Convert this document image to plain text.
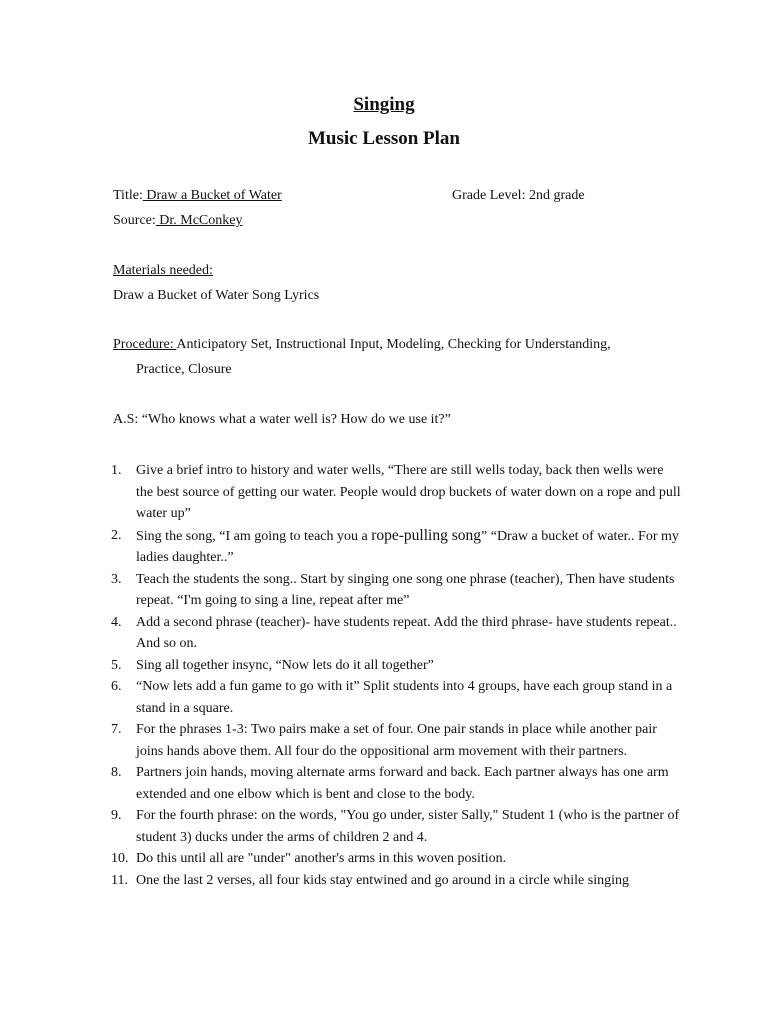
Singing
Music Lesson Plan
Title: Draw a Bucket of Water	Grade Level: 2nd grade
Source: Dr. McConkey
Materials needed:
Draw a Bucket of Water Song Lyrics
Procedure: Anticipatory Set, Instructional Input, Modeling, Checking for Understanding,
Practice, Closure
A.S: “Who knows what a water well is? How do we use it?”
1. Give a brief intro to history and water wells, “There are still wells today, back then wells were the best source of getting our water. People would drop buckets of water down on a rope and pull water up”
2. Sing the song, “I am going to teach you a rope-pulling song” “Draw a bucket of water.. For my ladies daughter..”
3. Teach the students the song.. Start by singing one song one phrase (teacher), Then have students repeat. “I'm going to sing a line, repeat after me”
4. Add a second phrase (teacher)- have students repeat. Add the third phrase- have students repeat.. And so on.
5. Sing all together insync, “Now lets do it all together”
6. “Now lets add a fun game to go with it” Split students into 4 groups, have each group stand in a stand in a square.
7. For the phrases 1-3: Two pairs make a set of four. One pair stands in place while another pair joins hands above them. All four do the oppositional arm movement with their partners.
8. Partners join hands, moving alternate arms forward and back. Each partner always has one arm extended and one elbow which is bent and close to the body.
9. For the fourth phrase: on the words, "You go under, sister Sally," Student 1 (who is the partner of student 3) ducks under the arms of children 2 and 4.
10. Do this until all are "under" another's arms in this woven position.
11. One the last 2 verses, all four kids stay entwined and go around in a circle while singing
